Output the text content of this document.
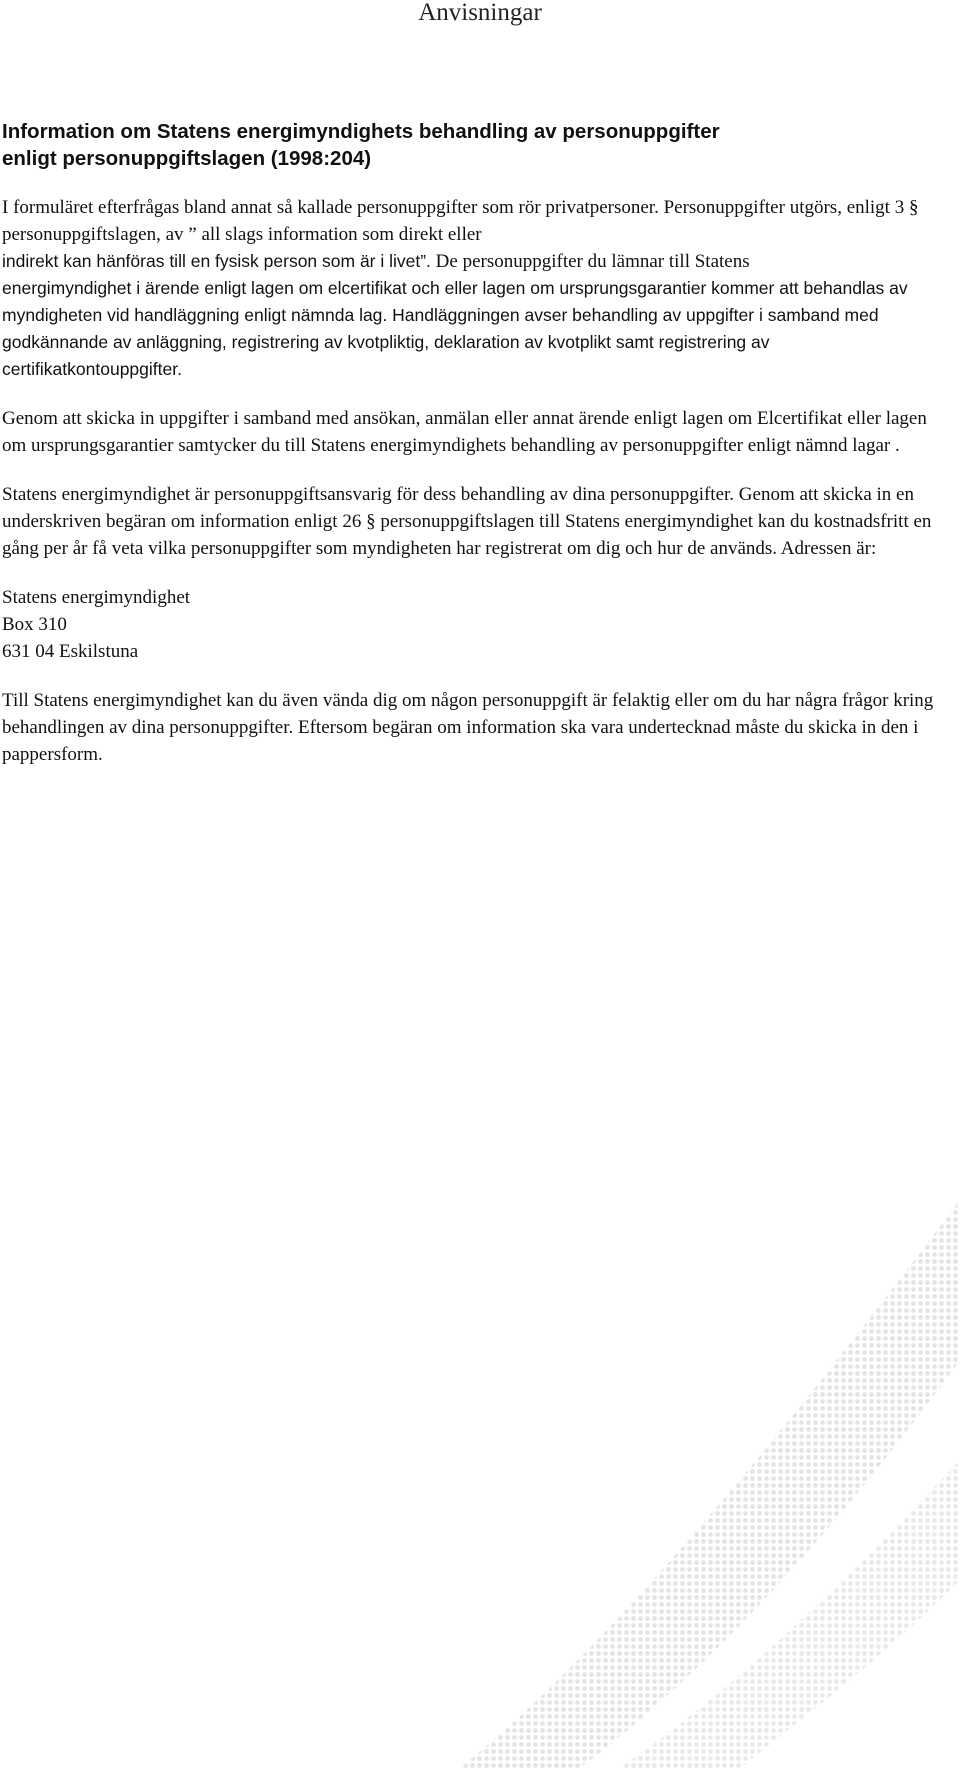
Anvisningar
Information om Statens energimyndighets behandling av personuppgifter
enligt personuppgiftslagen (1998:204)

I formuläret efterfrågas bland annat så kallade personuppgifter som rör privatpersoner. Personuppgifter utgörs, enligt 3 § personuppgiftslagen, av ” all slags information som direkt eller
indirekt kan hänföras till en fysisk person som är i livet”. De personuppgifter du lämnar till Statens
energimyndighet i ärende enligt lagen om elcertifikat och eller lagen om ursprungsgarantier kommer att behandlas av myndigheten vid handläggning enligt nämnda lag. Handläggningen avser behandling av uppgifter i samband med godkännande av anläggning, registrering av kvotpliktig, deklaration av kvotplikt samt registrering av certifikatkontouppgifter.

Genom att skicka in uppgifter i samband med ansökan, anmälan eller annat ärende enligt lagen om Elcertifikat eller lagen om ursprungsgarantier samtycker du till Statens energimyndighets behandling av personuppgifter enligt nämnd lagar .

Statens energimyndighet är personuppgiftsansvarig för dess behandling av dina personuppgifter. Genom att skicka in en underskriven begäran om information enligt 26 § personuppgiftslagen till Statens energimyndighet kan du kostnadsfritt en gång per år få veta vilka personuppgifter som myndigheten har registrerat om dig och hur de används. Adressen är:

Statens energimyndighet
Box 310
631 04 Eskilstuna

Till Statens energimyndighet kan du även vända dig om någon personuppgift är felaktig eller om du har några frågor kring behandlingen av dina personuppgifter. Eftersom begäran om information ska vara undertecknad måste du skicka in den i pappersform.
